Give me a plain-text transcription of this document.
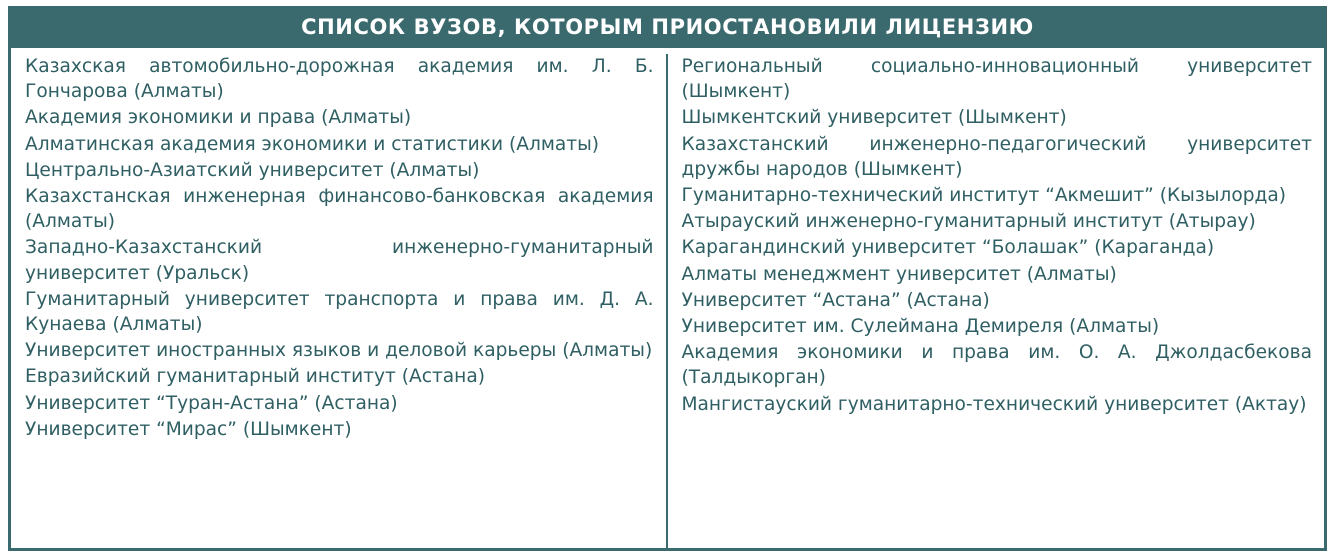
СПИСОК ВУЗОВ, КОТОРЫМ ПРИОСТАНОВИЛИ ЛИЦЕНЗИЮ
Казахская автомобильно-дорожная академия им. Л. Б. Гончарова (Алматы)
Академия экономики и права (Алматы)
Алматинская академия экономики и статистики (Алматы)
Центрально-Азиатский университет (Алматы)
Казахстанская инженерная финансово-банковская академия (Алматы)
Западно-Казахстанский инженерно-гуманитарный университет (Уральск)
Гуманитарный университет транспорта и права им. Д. А. Кунаева (Алматы)
Университет иностранных языков и деловой карьеры (Алматы)
Евразийский гуманитарный институт (Астана)
Университет “Туран-Астана” (Астана)
Университет “Мирас” (Шымкент)
Региональный социально-инновационный университет (Шымкент)
Шымкентский университет (Шымкент)
Казахстанский инженерно-педагогический университет дружбы народов (Шымкент)
Гуманитарно-технический институт “Акмешит” (Кызылорда)
Атырауский инженерно-гуманитарный институт (Атырау)
Карагандинский университет “Болашак” (Караганда)
Алматы менеджмент университет (Алматы)
Университет “Астана” (Астана)
Университет им. Сулеймана Демиреля (Алматы)
Академия экономики и права им. О. А. Джолдасбекова (Талдыкорган)
Мангистауский гуманитарно-технический университет (Актау)
